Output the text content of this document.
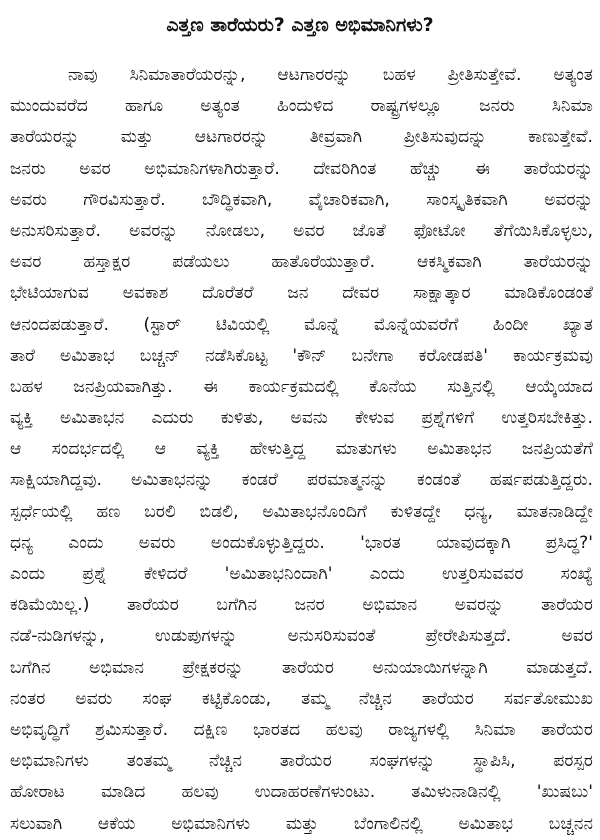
ಎತ್ತಣ ತಾರೆಯರು? ಎತ್ತಣ ಅಭಿಮಾನಿಗಳು?
ನಾವು ಸಿನಿಮಾತಾರೆಯರನ್ನು, ಆಟಗಾರರನ್ನು ಬಹಳ ಪ್ರೀತಿಸುತ್ತೇವೆ. ಅತ್ಯಂತ
ಮುಂದುವರೆದ ಹಾಗೂ ಅತ್ಯಂತ ಹಿಂದುಳಿದ ರಾಷ್ಟ್ರಗಳಲ್ಲೂ ಜನರು ಸಿನಿಮಾ
ತಾರೆಯರನ್ನು ಮತ್ತು ಆಟಗಾರರನ್ನು ತೀವ್ರವಾಗಿ ಪ್ರೀತಿಸುವುದನ್ನು ಕಾಣುತ್ತೇವೆ.
ಜನರು ಅವರ ಅಭಿಮಾನಿಗಳಾಗಿರುತ್ತಾರೆ. ದೇವರಿಗಿಂತ ಹೆಚ್ಚು ಈ ತಾರೆಯರನ್ನು
ಅವರು ಗೌರವಿಸುತ್ತಾರೆ. ಬೌದ್ಧಿಕವಾಗಿ, ವೈಚಾರಿಕವಾಗಿ, ಸಾಂಸ್ಕೃತಿಕವಾಗಿ ಅವರನ್ನು
ಅನುಸರಿಸುತ್ತಾರೆ. ಅವರನ್ನು ನೋಡಲು, ಅವರ ಜೊತೆ ಫೋಟೋ ತೆಗೆಯಿಸಿಕೊಳ್ಳಲು,
ಅವರ ಹಸ್ತಾಕ್ಷರ ಪಡೆಯಲು ಹಾತೊರೆಯುತ್ತಾರೆ. ಆಕಸ್ಮಿಕವಾಗಿ ತಾರೆಯರನ್ನು
ಭೇಟಿಯಾಗುವ ಅವಕಾಶ ದೊರೆತರೆ ಜನ ದೇವರ ಸಾಕ್ಷಾತ್ಕಾರ ಮಾಡಿಕೊಂಡಂತೆ
ಆನಂದಪಡುತ್ತಾರೆ. (ಸ್ಟಾರ್ ಟಿವಿಯಲ್ಲಿ ಮೊನ್ನೆ ಮೊನ್ನೆಯವರೆಗೆ ಹಿಂದೀ ಖ್ಯಾತ
ತಾರೆ ಅಮಿತಾಭ ಬಚ್ಚನ್ ನಡೆಸಿಕೊಟ್ಟ 'ಕೌನ್ ಬನೇಗಾ ಕರೋಡಪತಿ' ಕಾರ್ಯಕ್ರಮವು
ಬಹಳ ಜನಪ್ರಿಯವಾಗಿತ್ತು. ಈ ಕಾರ್ಯಕ್ರಮದಲ್ಲಿ ಕೊನೆಯ ಸುತ್ತಿನಲ್ಲಿ ಆಯ್ಕೆಯಾದ
ವ್ಯಕ್ತಿ ಅಮಿತಾಭನ ಎದುರು ಕುಳಿತು, ಅವನು ಕೇಳುವ ಪ್ರಶ್ನೆಗಳಿಗೆ ಉತ್ತರಿಸಬೇಕಿತ್ತು.
ಆ ಸಂದರ್ಭದಲ್ಲಿ ಆ ವ್ಯಕ್ತಿ ಹೇಳುತ್ತಿದ್ದ ಮಾತುಗಳು ಅಮಿತಾಭನ ಜನಪ್ರಿಯತೆಗೆ
ಸಾಕ್ಷಿಯಾಗಿದ್ದವು. ಅಮಿತಾಭನನ್ನು ಕಂಡರೆ ಪರಮಾತ್ಮನನ್ನು ಕಂಡಂತೆ ಹರ್ಷಪಡುತ್ತಿದ್ದರು.
ಸ್ಪರ್ಧೆಯಲ್ಲಿ ಹಣ ಬರಲಿ ಬಿಡಲಿ, ಅಮಿತಾಭನೊಂದಿಗೆ ಕುಳಿತದ್ದೇ ಧನ್ಯ, ಮಾತನಾಡಿದ್ದೇ
ಧನ್ಯ ಎಂದು ಅವರು ಅಂದುಕೊಳ್ಳುತ್ತಿದ್ದರು. 'ಭಾರತ ಯಾವುದಕ್ಕಾಗಿ ಪ್ರಸಿದ್ಧ?'
ಎಂದು ಪ್ರಶ್ನೆ ಕೇಳಿದರೆ 'ಅಮಿತಾಭನಿಂದಾಗಿ' ಎಂದು ಉತ್ತರಿಸುವವರ ಸಂಖ್ಯೆ
ಕಡಿಮೆಯಿಲ್ಲ.) ತಾರೆಯರ ಬಗೆಗಿನ ಜನರ ಅಭಿಮಾನ ಅವರನ್ನು ತಾರೆಯರ
ನಡೆ-ನುಡಿಗಳನ್ನು, ಉಡುಪುಗಳನ್ನು ಅನುಸರಿಸುವಂತೆ ಪ್ರೇರೇಪಿಸುತ್ತದೆ. ಅವರ
ಬಗೆಗಿನ ಅಭಿಮಾನ ಪ್ರೇಕ್ಷಕರನ್ನು ತಾರೆಯರ ಅನುಯಾಯಿಗಳನ್ನಾಗಿ ಮಾಡುತ್ತದೆ.
ನಂತರ ಅವರು ಸಂಘ ಕಟ್ಟಿಕೊಂಡು, ತಮ್ಮ ನೆಚ್ಚಿನ ತಾರೆಯರ ಸರ್ವತೋಮುಖ
ಅಭಿವೃದ್ಧಿಗೆ ಶ್ರಮಿಸುತ್ತಾರೆ. ದಕ್ಷಿಣ ಭಾರತದ ಹಲವು ರಾಜ್ಯಗಳಲ್ಲಿ ಸಿನಿಮಾ ತಾರೆಯರ
ಅಭಿಮಾನಿಗಳು ತಂತಮ್ಮ ನೆಚ್ಚಿನ ತಾರೆಯರ ಸಂಘಗಳನ್ನು ಸ್ಥಾಪಿಸಿ, ಪರಸ್ಪರ
ಹೋರಾಟ ಮಾಡಿದ ಹಲವು ಉದಾಹರಣೆಗಳುಂಟು. ತಮಿಳುನಾಡಿನಲ್ಲಿ 'ಖುಷಬು'
ಸಲುವಾಗಿ ಆಕೆಯ ಅಭಿಮಾನಿಗಳು ಮತ್ತು ಬೆಂಗಾಲಿನಲ್ಲಿ ಅಮಿತಾಭ ಬಚ್ಚನನ
